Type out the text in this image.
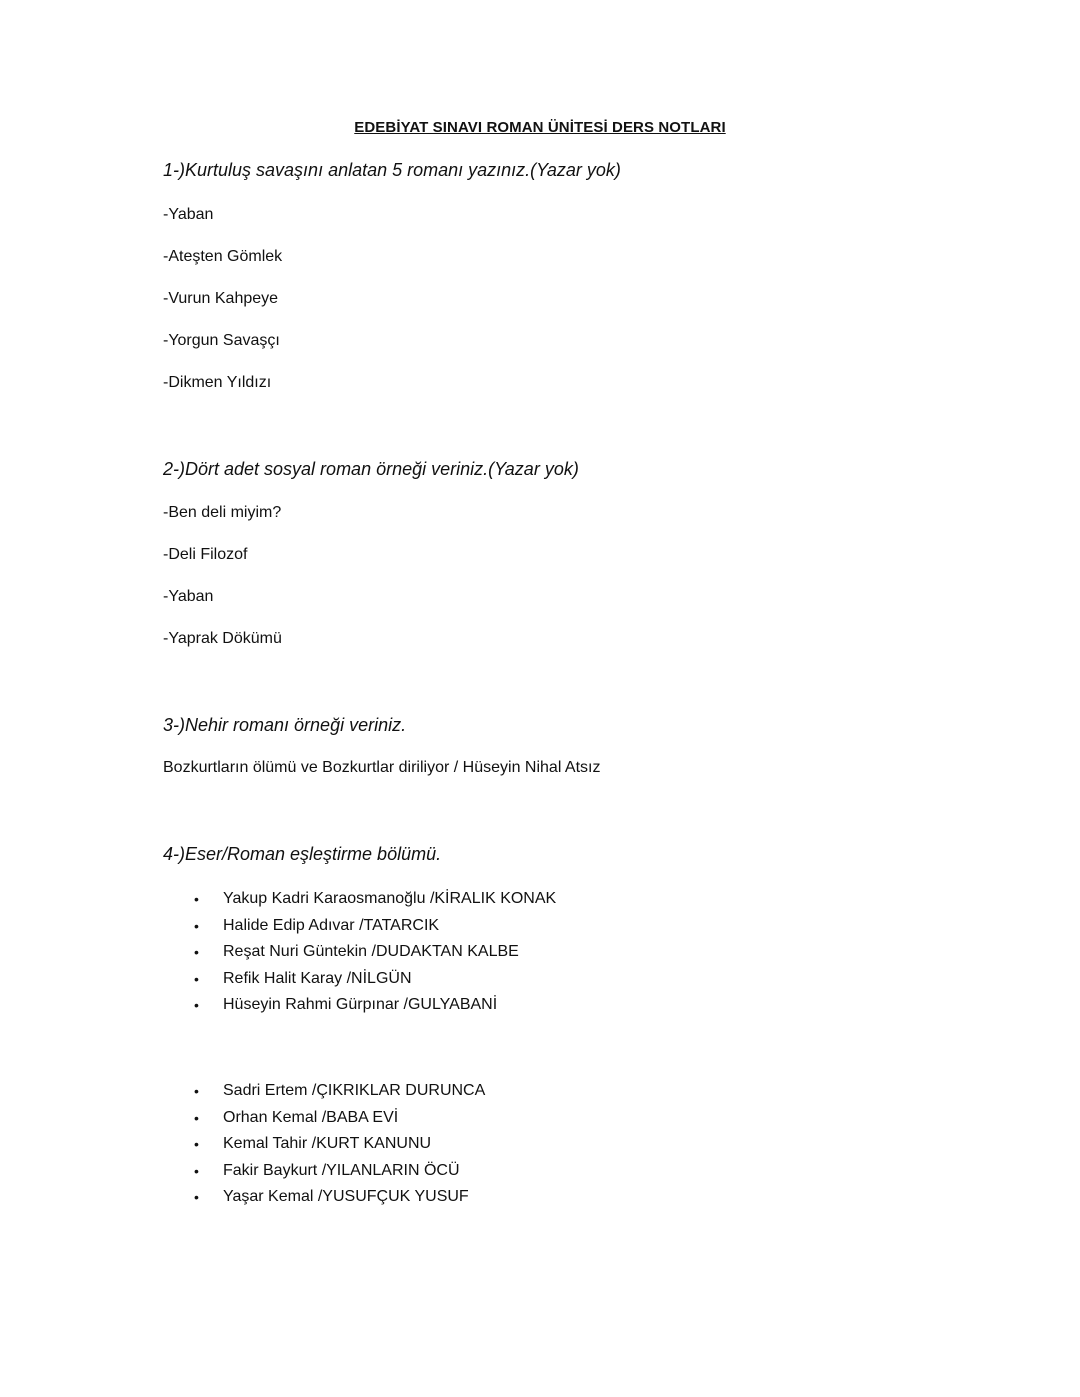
EDEBİYAT SINAVI ROMAN ÜNİTESİ DERS NOTLARI
1-)Kurtuluş savaşını anlatan 5 romanı yazınız.(Yazar yok)
-Yaban
-Ateşten Gömlek
-Vurun Kahpeye
-Yorgun Savaşçı
-Dikmen Yıldızı
2-)Dört adet sosyal roman örneği veriniz.(Yazar yok)
-Ben deli miyim?
-Deli Filozof
-Yaban
-Yaprak Dökümü
3-)Nehir romanı örneği veriniz.
Bozkurtların ölümü ve Bozkurtlar diriliyor / Hüseyin Nihal Atsız
4-)Eser/Roman eşleştirme bölümü.
• Yakup Kadri Karaosmanoğlu /KİRALIK KONAK
• Halide Edip Adıvar /TATARCIK
• Reşat Nuri Güntekin /DUDAKTAN KALBE
• Refik Halit Karay /NİLGÜN
• Hüseyin Rahmi Gürpınar /GULYABANİ
• Sadri Ertem /ÇIKRIKLAR DURUNCA
• Orhan Kemal /BABA EVİ
• Kemal Tahir /KURT KANUNU
• Fakir Baykurt /YILANLARIN ÖCÜ
• Yaşar Kemal /YUSUFÇUK YUSUF
